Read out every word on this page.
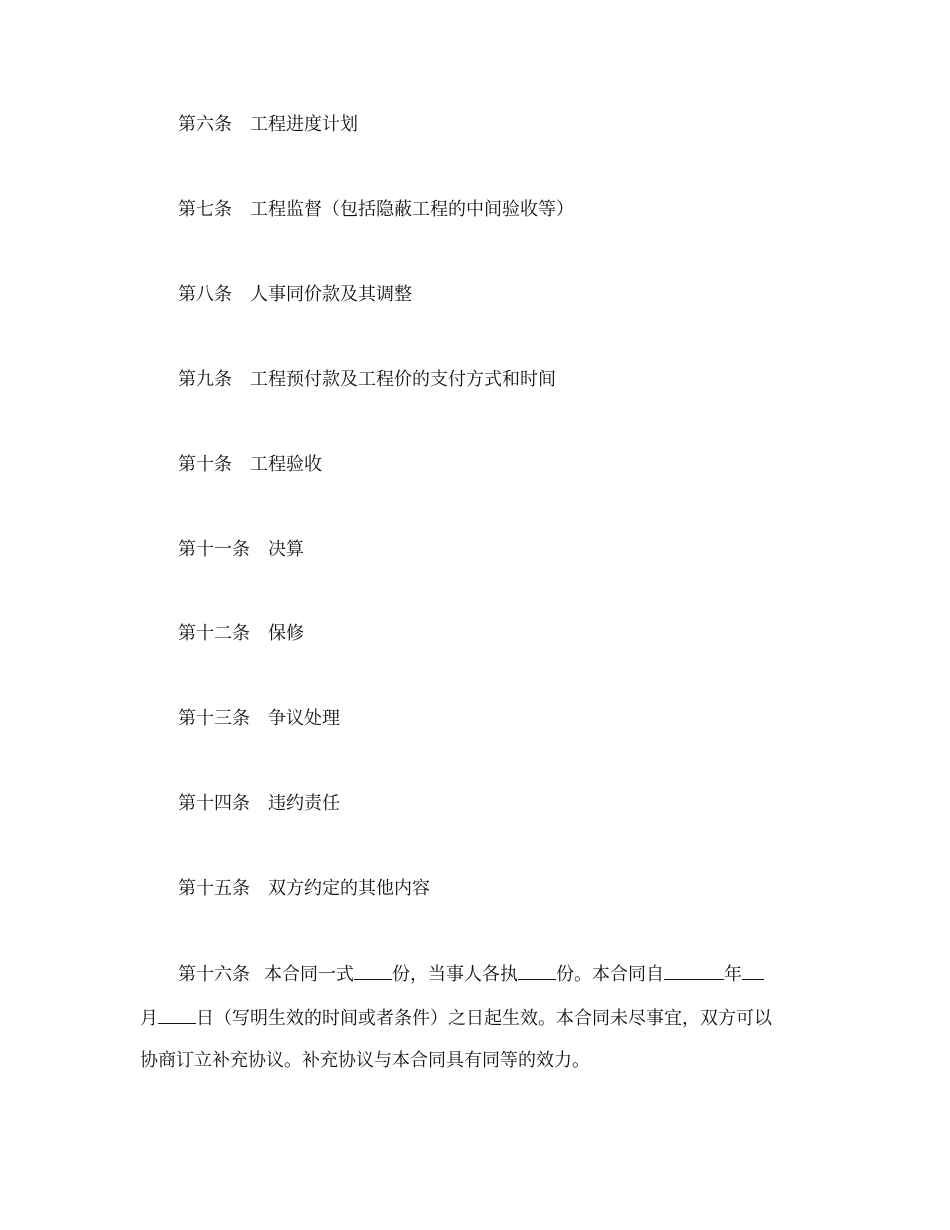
第六条 工程进度计划
第七条 工程监督（包括隐蔽工程的中间验收等）
第八条 人事同价款及其调整
第九条 工程预付款及工程价的支付方式和时间
第十条 工程验收
第十一条 决算
第十二条 保修
第十三条 争议处理
第十四条 违约责任
第十五条 双方约定的其他内容
第十六条 本合同一式 份，当事人各执 份。本合同自	年
月 日（写明生效的时间或者条件）之日起生效。本合同未尽事宜，双方可以
协商订立补充协议。补充协议与本合同具有同等的效力。
